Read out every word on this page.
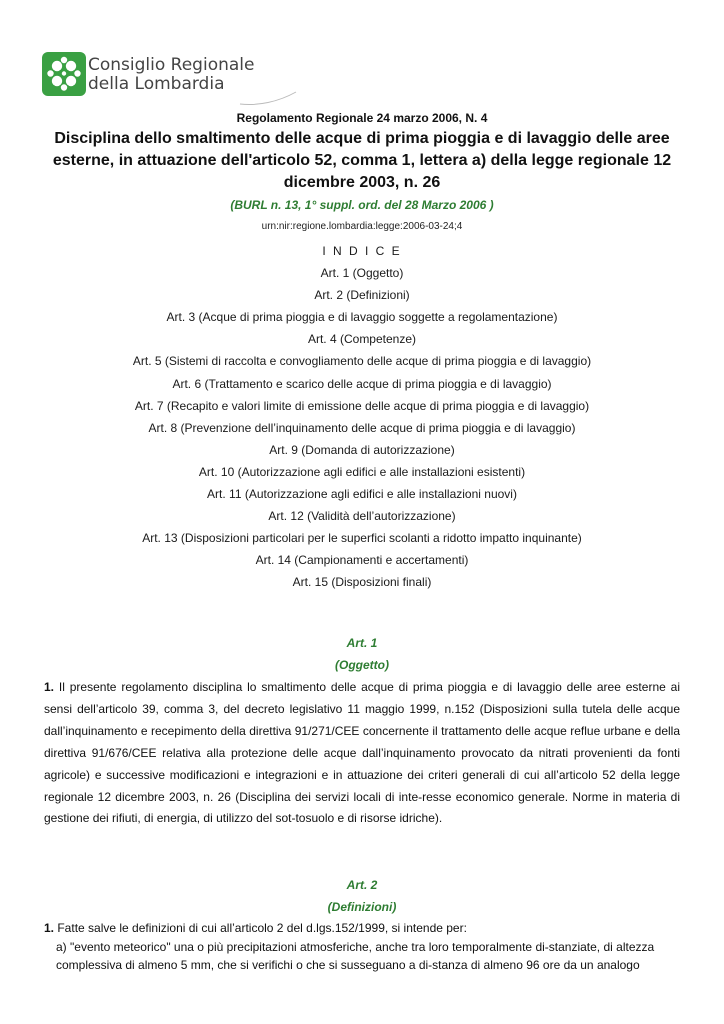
Consiglio Regionale
della Lombardia
Regolamento Regionale 24 marzo 2006, N. 4
Disciplina dello smaltimento delle acque di prima pioggia e di lavaggio delle aree esterne, in attuazione dell'articolo 52, comma 1, lettera a) della legge regionale 12 dicembre 2003, n. 26
(BURL n. 13, 1° suppl. ord. del 28 Marzo 2006 )
urn:nir:regione.lombardia:legge:2006-03-24;4
I N D I C E
Art. 1 (Oggetto)
Art. 2 (Definizioni)
Art. 3 (Acque di prima pioggia e di lavaggio soggette a regolamentazione)
Art. 4 (Competenze)
Art. 5 (Sistemi di raccolta e convogliamento delle acque di prima pioggia e di lavaggio)
Art. 6 (Trattamento e scarico delle acque di prima pioggia e di lavaggio)
Art. 7 (Recapito e valori limite di emissione delle acque di prima pioggia e di lavaggio)
Art. 8 (Prevenzione dell’inquinamento delle acque di prima pioggia e di lavaggio)
Art. 9 (Domanda di autorizzazione)
Art. 10 (Autorizzazione agli edifici e alle installazioni esistenti)
Art. 11 (Autorizzazione agli edifici e alle installazioni nuovi)
Art. 12 (Validità dell’autorizzazione)
Art. 13 (Disposizioni particolari per le superfici scolanti a ridotto impatto inquinante)
Art. 14 (Campionamenti e accertamenti)
Art. 15 (Disposizioni finali)
Art. 1
(Oggetto)
1. Il presente regolamento disciplina lo smaltimento delle acque di prima pioggia e di lavaggio delle aree esterne ai sensi dell’articolo 39, comma 3, del decreto legislativo 11 maggio 1999, n.152 (Disposizioni sulla tutela delle acque dall’inquinamento e recepimento della direttiva 91/271/CEE concernente il trattamento delle acque reflue urbane e della direttiva 91/676/CEE relativa alla protezione delle acque dall’inquinamento provocato da nitrati provenienti da fonti agricole) e successive modificazioni e integrazioni e in attuazione dei criteri generali di cui all’articolo 52 della legge regionale 12 dicembre 2003, n. 26 (Disciplina dei servizi locali di inte-resse economico generale. Norme in materia di gestione dei rifiuti, di energia, di utilizzo del sot-tosuolo e di risorse idriche).
Art. 2
(Definizioni)
1. Fatte salve le definizioni di cui all’articolo 2 del d.lgs.152/1999, si intende per:
a) "evento meteorico" una o più precipitazioni atmosferiche, anche tra loro temporalmente di-stanziate, di altezza complessiva di almeno 5 mm, che si verifichi o che si susseguano a di-stanza di almeno 96 ore da un analogo
